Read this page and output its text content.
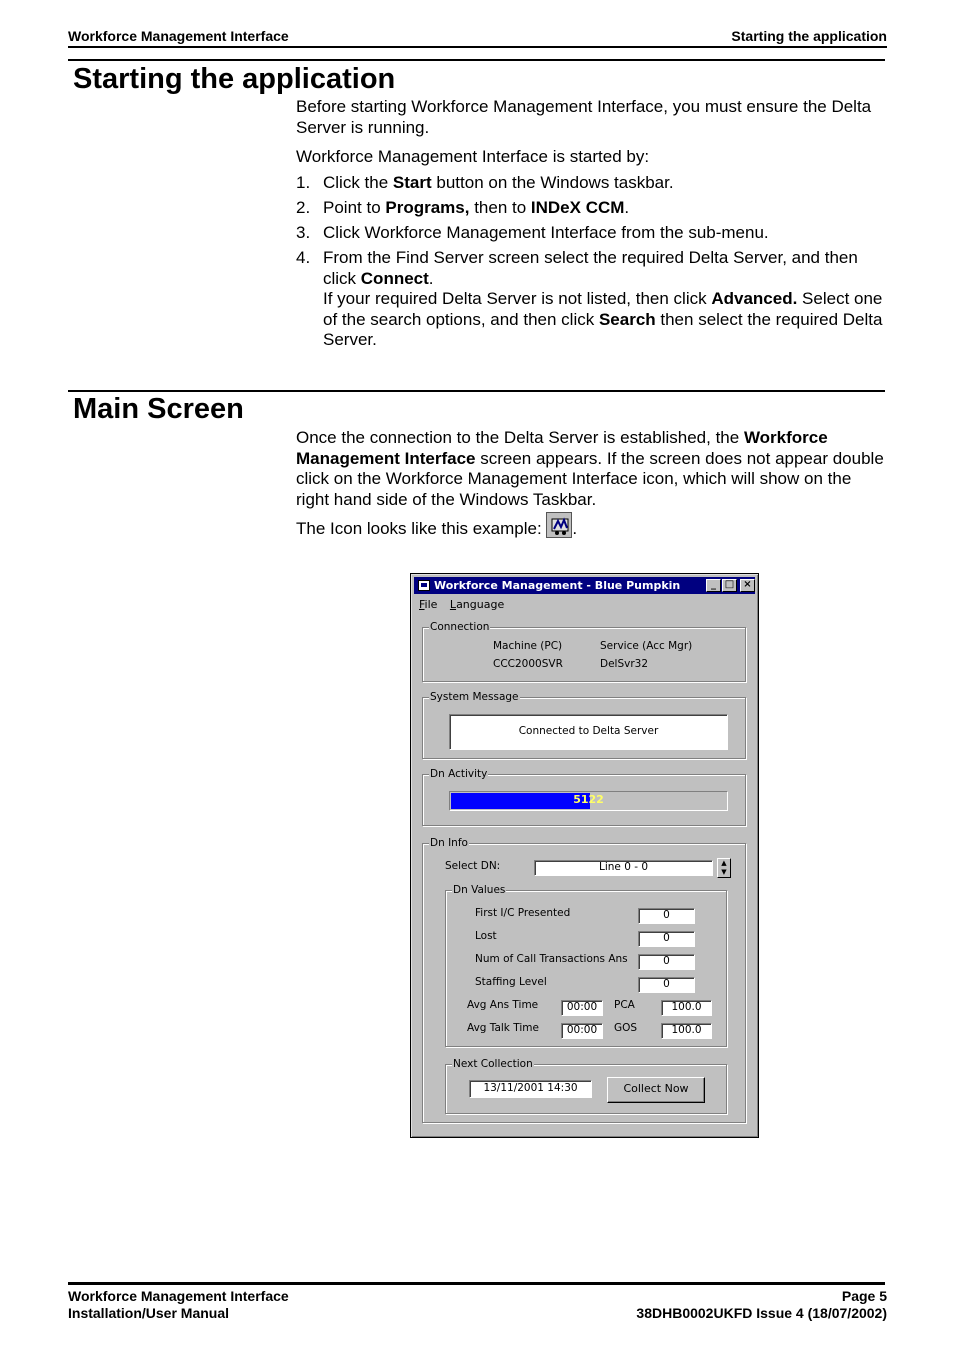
Workforce Management Interface	Starting the application
Starting the application
Before starting Workforce Management Interface, you must ensure the Delta Server is running.
Workforce Management Interface is started by:
1. Click the Start button on the Windows taskbar.
2. Point to Programs, then to INDeX CCM.
3. Click Workforce Management Interface from the sub-menu.
4. From the Find Server screen select the required Delta Server, and then click Connect.
If your required Delta Server is not listed, then click Advanced. Select one of the search options, and then click Search then select the required Delta Server.
Main Screen
Once the connection to the Delta Server is established, the Workforce Management Interface screen appears. If the screen does not appear double click on the Workforce Management Interface icon, which will show on the right hand side of the Windows Taskbar.
The Icon looks like this example:
.
Workforce Management - Blue Pumpkin	_ □ ×
File Language
Connection
Machine (PC)	Service (Acc Mgr)
CCC2000SVR	DelSvr32
System Message
Connected to Delta Server
Dn Activity
5122
Dn Info
Select DN:	Line 0 - 0	▲
▼
Dn Values
First I/C Presented	0
Lost	0
Num of Call Transactions Ans	0
Staffing Level	0
Avg Ans Time	00:00	PCA	100.0
Avg Talk Time	00:00	GOS	100.0
Next Collection
13/11/2001 14:30	Collect Now
Workforce Management Interface	Page 5
Installation/User Manual	38DHB0002UKFD Issue 4 (18/07/2002)
